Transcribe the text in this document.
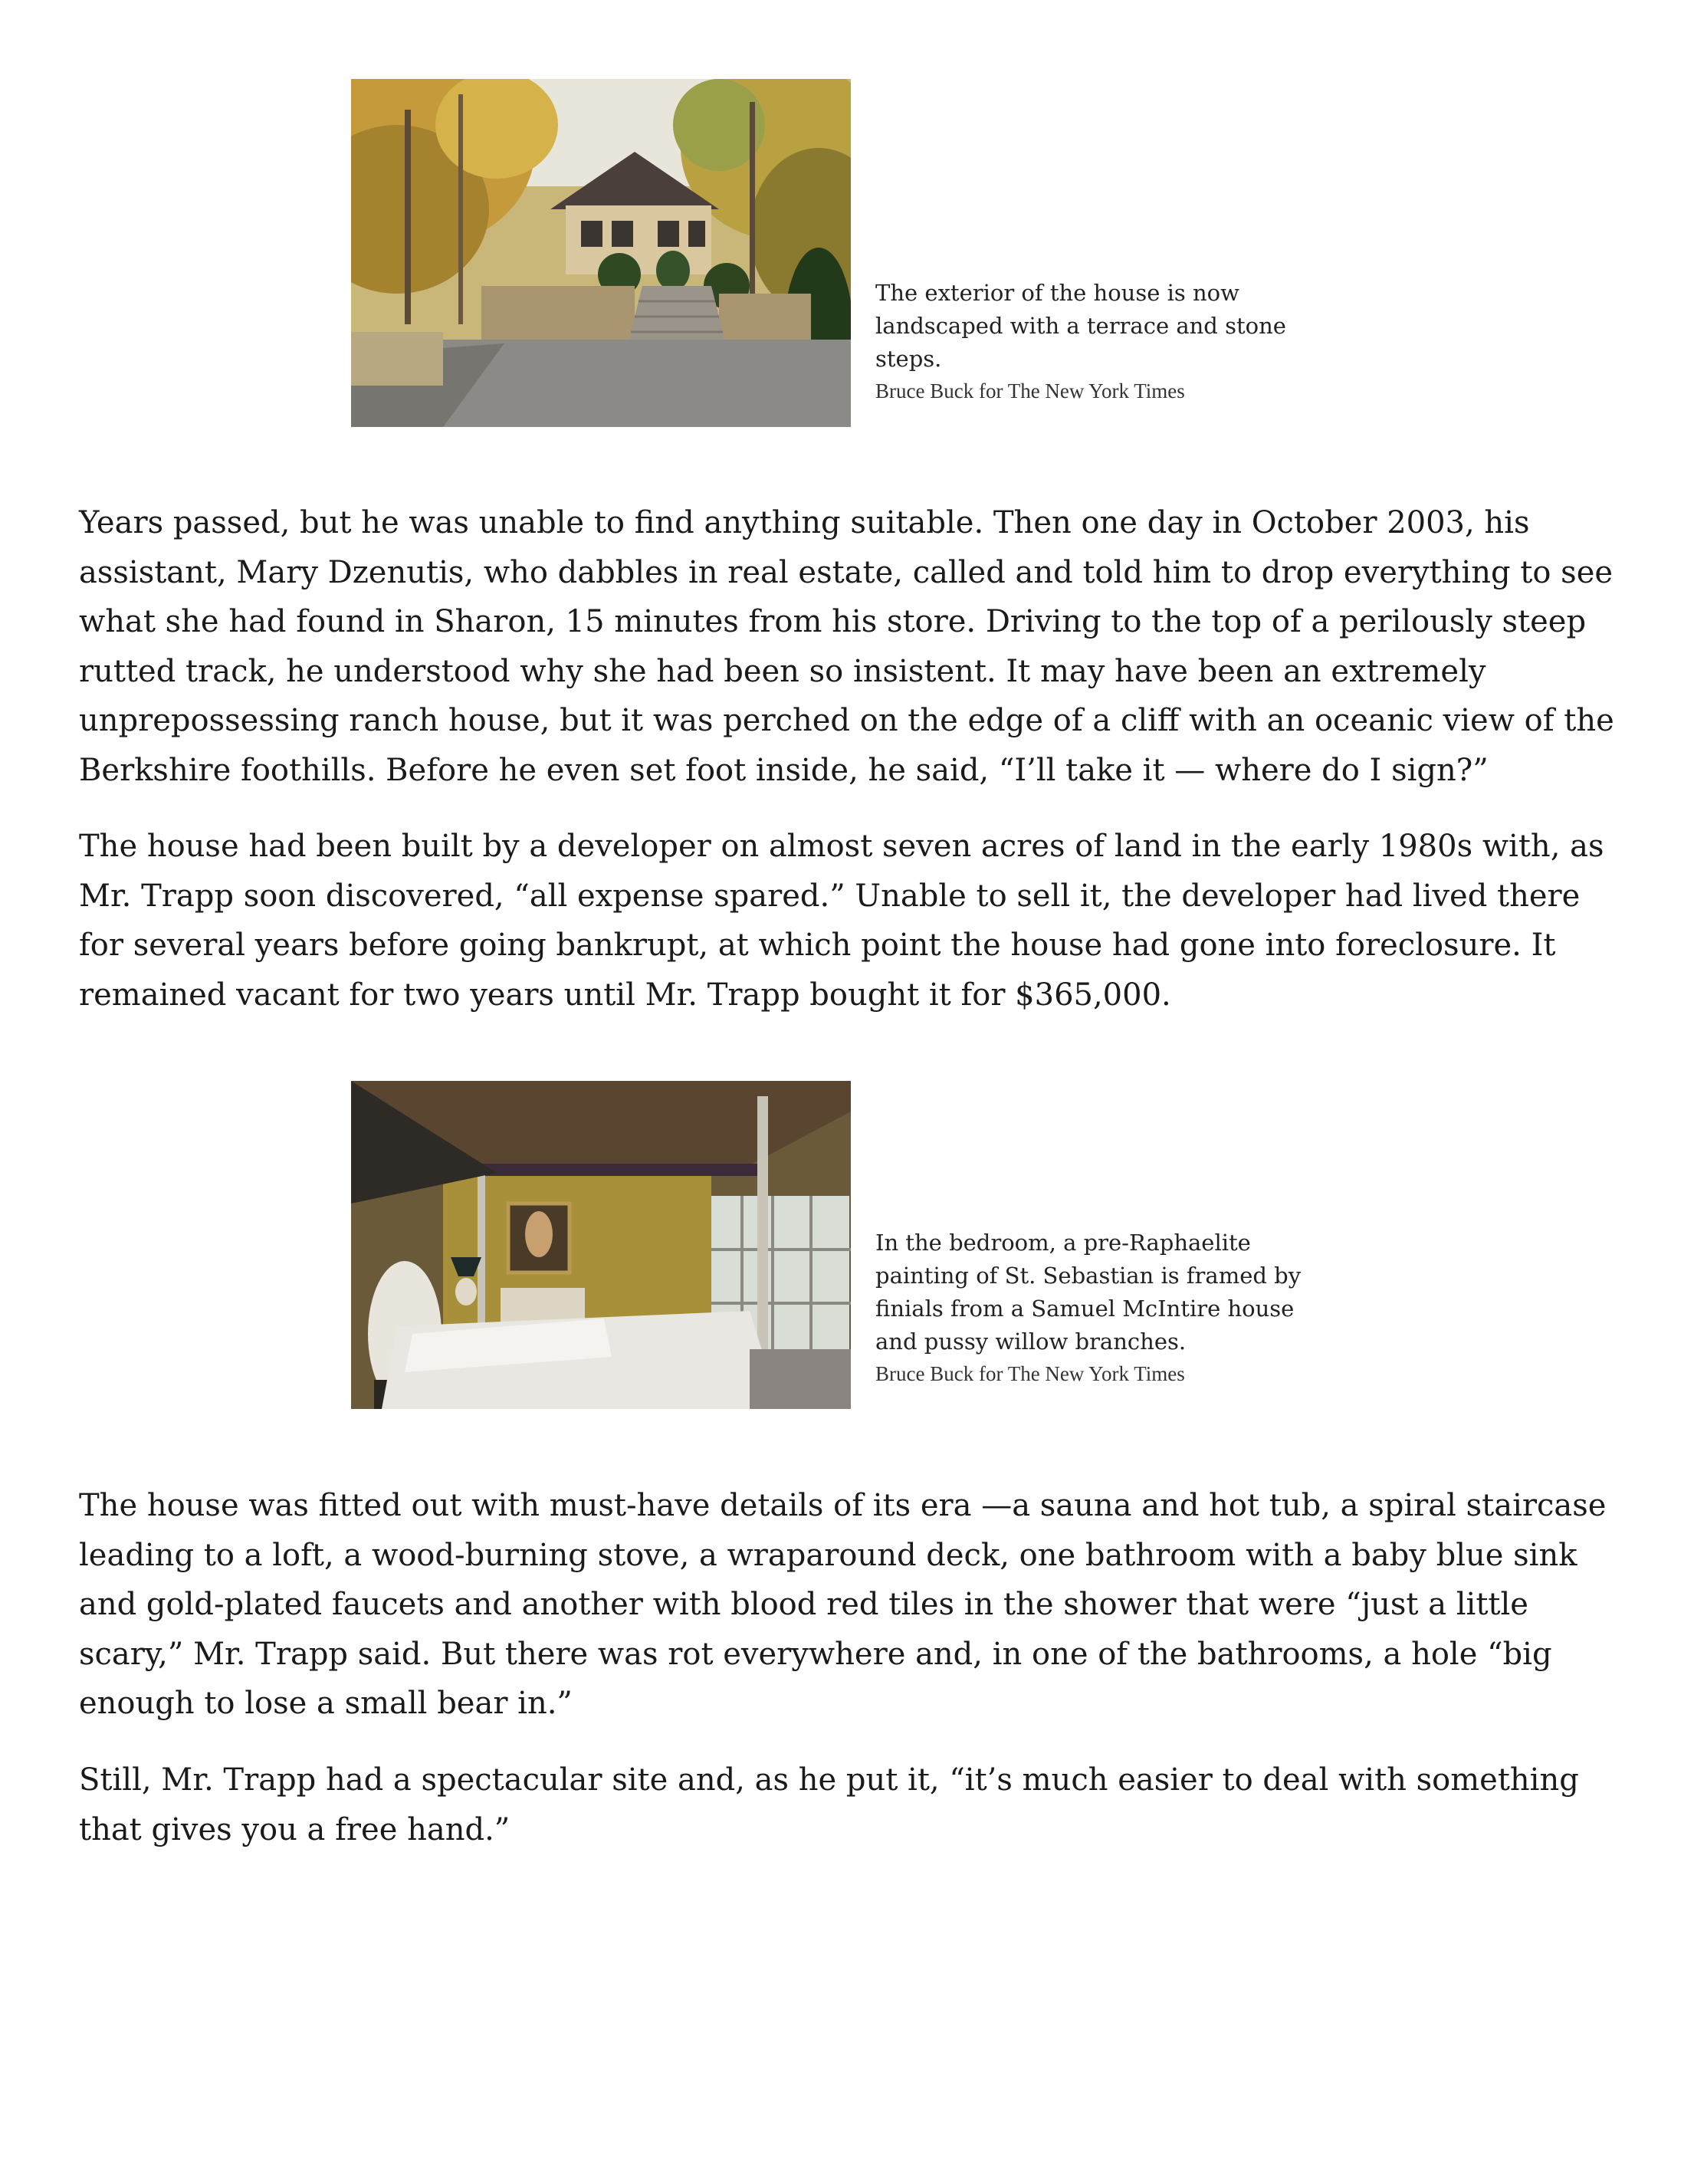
The exterior of the house is now landscaped with a terrace and stone steps.

Bruce Buck for The New York Times

Years passed, but he was unable to find anything suitable. Then one day in October 2003, his assistant, Mary Dzenutis, who dabbles in real estate, called and told him to drop everything to see what she had found in Sharon, 15 minutes from his store. Driving to the top of a perilously steep rutted track, he understood why she had been so insistent. It may have been an extremely unprepossessing ranch house, but it was perched on the edge of a cliff with an oceanic view of the Berkshire foothills. Before he even set foot inside, he said, “I’ll take it — where do I sign?”

The house had been built by a developer on almost seven acres of land in the early 1980s with, as Mr. Trapp soon discovered, “all expense spared.” Unable to sell it, the developer had lived there for several years before going bankrupt, at which point the house had gone into foreclosure. It remained vacant for two years until Mr. Trapp bought it for $365,000.

In the bedroom, a pre-Raphaelite painting of St. Sebastian is framed by finials from a Samuel McIntire house and pussy willow branches.

Bruce Buck for The New York Times

The house was fitted out with must-have details of its era —a sauna and hot tub, a spiral staircase leading to a loft, a wood-burning stove, a wraparound deck, one bathroom with a baby blue sink and gold-plated faucets and another with blood red tiles in the shower that were “just a little scary,” Mr. Trapp said. But there was rot everywhere and, in one of the bathrooms, a hole “big enough to lose a small bear in.”

Still, Mr. Trapp had a spectacular site and, as he put it, “it’s much easier to deal with something that gives you a free hand.”
